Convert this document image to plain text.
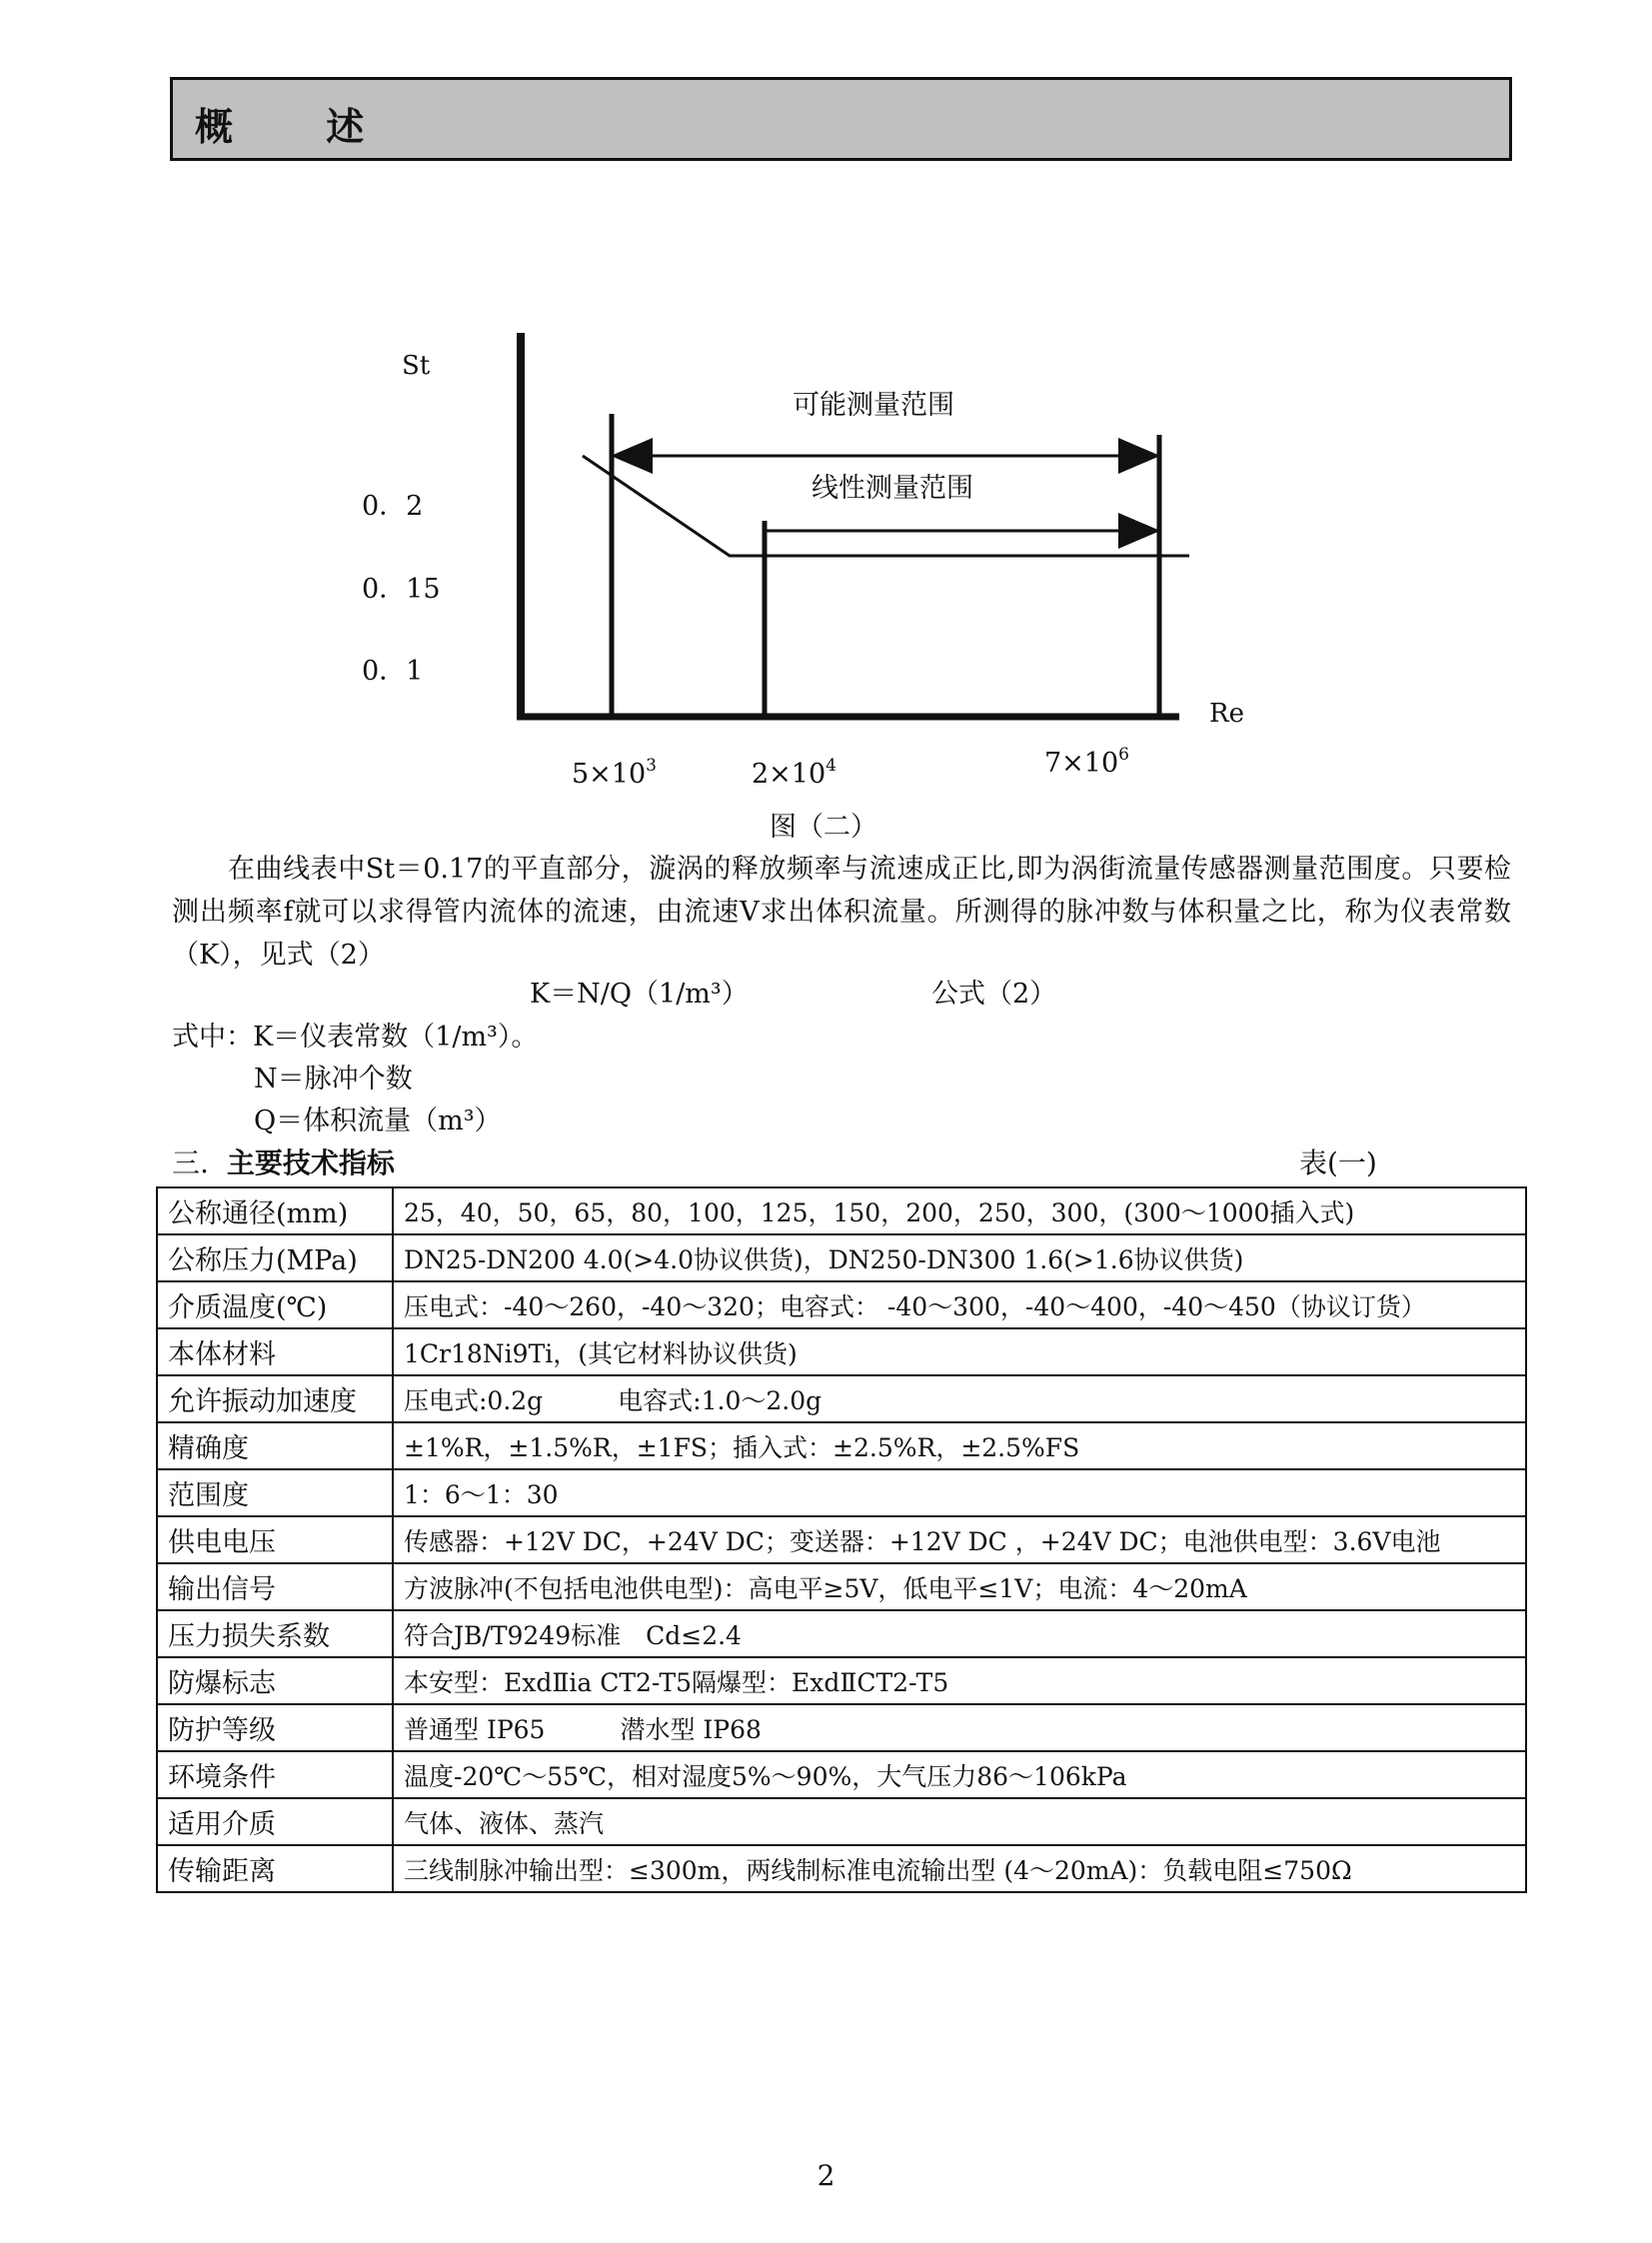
概 述
St
Re
0．2
0．15
0．1
可能测量范围
线性测量范围
$5\times 10^3$	$2\times 10^4$	$7\times 10^6$
图（二）
在曲线表中St＝0.17的平直部分，漩涡的释放频率与流速成正比,即为涡街流量传感器测量范围度。只要检测出频率f就可以求得管内流体的流速，由流速V求出体积流量。所测得的脉冲数与体积量之比，称为仪表常数（K），见式（2）
K＝N/Q（1/m³）	公式（2）
式中：K＝仪表常数（1/m³）。
N＝脉冲个数
Q＝体积流量（m³）
三. 主要技术指标	表(一)
公称通径(mm)	25，40，50，65，80，100，125，150，200，250，300，(300～1000插入式)
公称压力(MPa)	DN25-DN200 4.0(>4.0协议供货)，DN250-DN300 1.6(>1.6协议供货)
介质温度(℃)	压电式：-40～260，-40～320；电容式： -40～300，-40～400，-40～450（协议订货）
本体材料	1Cr18Ni9Ti，(其它材料协议供货)
允许振动加速度	压电式:0.2g　　　电容式:1.0～2.0g
精确度	±1%R，±1.5%R，±1FS；插入式：±2.5%R，±2.5%FS
范围度	1：6～1：30
供电电压	传感器：+12V DC，+24V DC；变送器：+12V DC ，+24V DC；电池供电型：3.6V电池
输出信号	方波脉冲(不包括电池供电型)：高电平≥5V，低电平≤1V；电流：4～20mA
压力损失系数	符合JB/T9249标准　Cd≤2.4
防爆标志	本安型：ExdⅡia CT2-T5隔爆型：ExdⅡCT2-T5
防护等级	普通型 IP65　　　潜水型 IP68
环境条件	温度-20℃～55℃，相对湿度5%～90%，大气压力86～106kPa
适用介质	气体、液体、蒸汽
传输距离	三线制脉冲输出型：≤300m，两线制标准电流输出型 (4～20mA)：负载电阻≤750Ω
2
